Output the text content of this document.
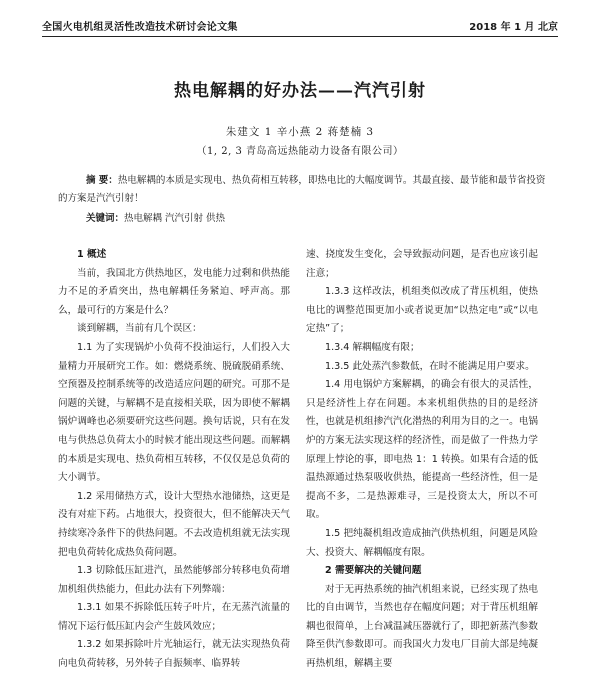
全国火电机组灵活性改造技术研讨会论文集	2018 年 1 月 北京
热电解耦的好办法——汽汽引射
朱建文 1 辛小燕 2 蒋楚楠 3
（1, 2, 3 青岛高远热能动力设备有限公司）
摘 要：热电解耦的本质是实现电、热负荷相互转移，即热电比的大幅度调节。其最直接、最节能和最节省投资的方案是汽汽引射！
关键词：热电解耦 汽汽引射 供热
1 概述

当前，我国北方供热地区，发电能力过剩和供热能力不足的矛盾突出，热电解耦任务紧迫、呼声高。那么，最可行的方案是什么？

谈到解耦，当前有几个误区：

1.1 为了实现锅炉小负荷不投油运行，人们投入大量精力开展研究工作。如：燃烧系统、脱硫脱硝系统、空预器及控制系统等的改造适应问题的研究。可那不是问题的关键，与解耦不是直接相关联，因为即使不解耦锅炉调峰也必须要研究这些问题。换句话说，只有在发电与供热总负荷太小的时候才能出现这些问题。而解耦的本质是实现电、热负荷相互转移，不仅仅是总负荷的大小调节。

1.2 采用储热方式，设计大型热水池储热，这更是没有对症下药。占地很大，投资很大，但不能解决天气持续寒冷条件下的供热问题。不去改造机组就无法实现把电负荷转化成热负荷问题。

1.3 切除低压缸进汽，虽然能够部分转移电负荷增加机组供热能力，但此办法有下列弊端：

1.3.1 如果不拆除低压转子叶片，在无蒸汽流量的情况下运行低压缸内会产生鼓风效应；

1.3.2 如果拆除叶片光轴运行，就无法实现热负荷向电负荷转移，另外转子自振频率、临界转

速、挠度发生变化，会导致振动问题，是否也应该引起注意；

1.3.3 这样改法，机组类似改成了背压机组，使热电比的调整范围更加小或者说更加“以热定电”或“以电定热”了；

1.3.4 解耦幅度有限；

1.3.5 此处蒸汽参数低，在时不能满足用户要求。

1.4 用电锅炉方案解耦，的确会有很大的灵活性，只是经济性上存在问题。本来机组供热的目的是经济性，也就是机组掺汽汽化潜热的利用为目的之一。电锅炉的方案无法实现这样的经济性，而是做了一件热力学原理上悖论的事，即电热 1：1 转换。如果有合适的低温热源通过热泵吸收供热，能提高一些经济性，但一是提高不多，二是热源难寻，三是投资太大，所以不可取。

1.5 把纯凝机组改造成抽汽供热机组，问题是风险大、投资大、解耦幅度有限。

2 需要解决的关键问题

对于无再热系统的抽汽机组来说，已经实现了热电比的自由调节，当然也存在幅度问题；对于背压机组解耦也很简单，上台减温减压器就行了，即把新蒸汽参数降至供汽参数即可。而我国火力发电厂目前大部是纯凝再热机组，解耦主要
